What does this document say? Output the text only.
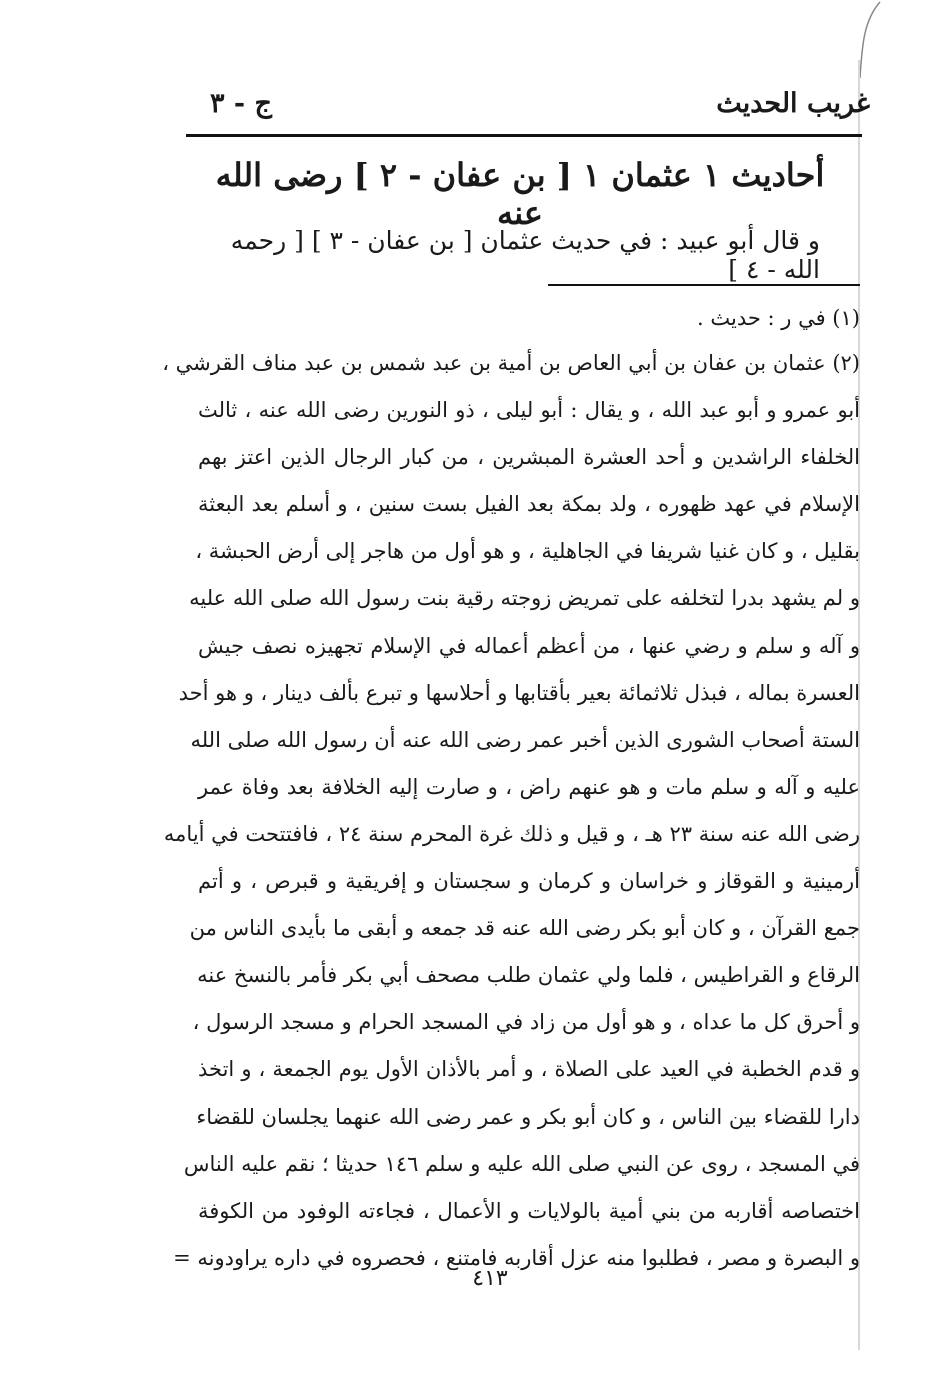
غريب الحديث
ج - ٣
أحاديث ١ عثمان ١ [ بن عفان - ٢ ] رضى الله عنه
و قال أبو عبيد : في حديث عثمان [ بن عفان - ٣ ] [ رحمه الله - ٤ ]
(١) في ر : حديث .
(٢) عثمان بن عفان بن أبي العاص بن أمية بن عبد شمس بن عبد مناف القرشي ،
أبو عمرو و أبو عبد الله ، و يقال : أبو ليلى ، ذو النورين رضى الله عنه ، ثالث
الخلفاء الراشدين و أحد العشرة المبشرين ، من كبار الرجال الذين اعتز بهم
الإسلام في عهد ظهوره ، ولد بمكة بعد الفيل بست سنين ، و أسلم بعد البعثة
بقليل ، و كان غنيا شريفا في الجاهلية ، و هو أول من هاجر إلى أرض الحبشة ،
و لم يشهد بدرا لتخلفه على تمريض زوجته رقية بنت رسول الله صلى الله عليه
و آله و سلم و رضي عنها ، من أعظم أعماله في الإسلام تجهيزه نصف جيش
العسرة بماله ، فبذل ثلاثمائة بعير بأقتابها و أحلاسها و تبرع بألف دينار ، و هو أحد
الستة أصحاب الشورى الذين أخبر عمر رضى الله عنه أن رسول الله صلى الله
عليه و آله و سلم مات و هو عنهم راض ، و صارت إليه الخلافة بعد وفاة عمر
رضى الله عنه سنة ٢٣ هـ ، و قيل و ذلك غرة المحرم سنة ٢٤ ، فافتتحت في أيامه
أرمينية و القوقاز و خراسان و كرمان و سجستان و إفريقية و قبرص ، و أتم
جمع القرآن ، و كان أبو بكر رضى الله عنه قد جمعه و أبقى ما بأيدى الناس من
الرقاع و القراطيس ، فلما ولي عثمان طلب مصحف أبي بكر فأمر بالنسخ عنه
و أحرق كل ما عداه ، و هو أول من زاد في المسجد الحرام و مسجد الرسول ،
و قدم الخطبة في العيد على الصلاة ، و أمر بالأذان الأول يوم الجمعة ، و اتخذ
دارا للقضاء بين الناس ، و كان أبو بكر و عمر رضى الله عنهما يجلسان للقضاء
في المسجد ، روى عن النبي صلى الله عليه و سلم ١٤٦ حديثا ؛ نقم عليه الناس
اختصاصه أقاربه من بني أمية بالولايات و الأعمال ، فجاءته الوفود من الكوفة
و البصرة و مصر ، فطلبوا منه عزل أقاربه فامتنع ، فحصروه في داره يراودونه =
٤١٣
